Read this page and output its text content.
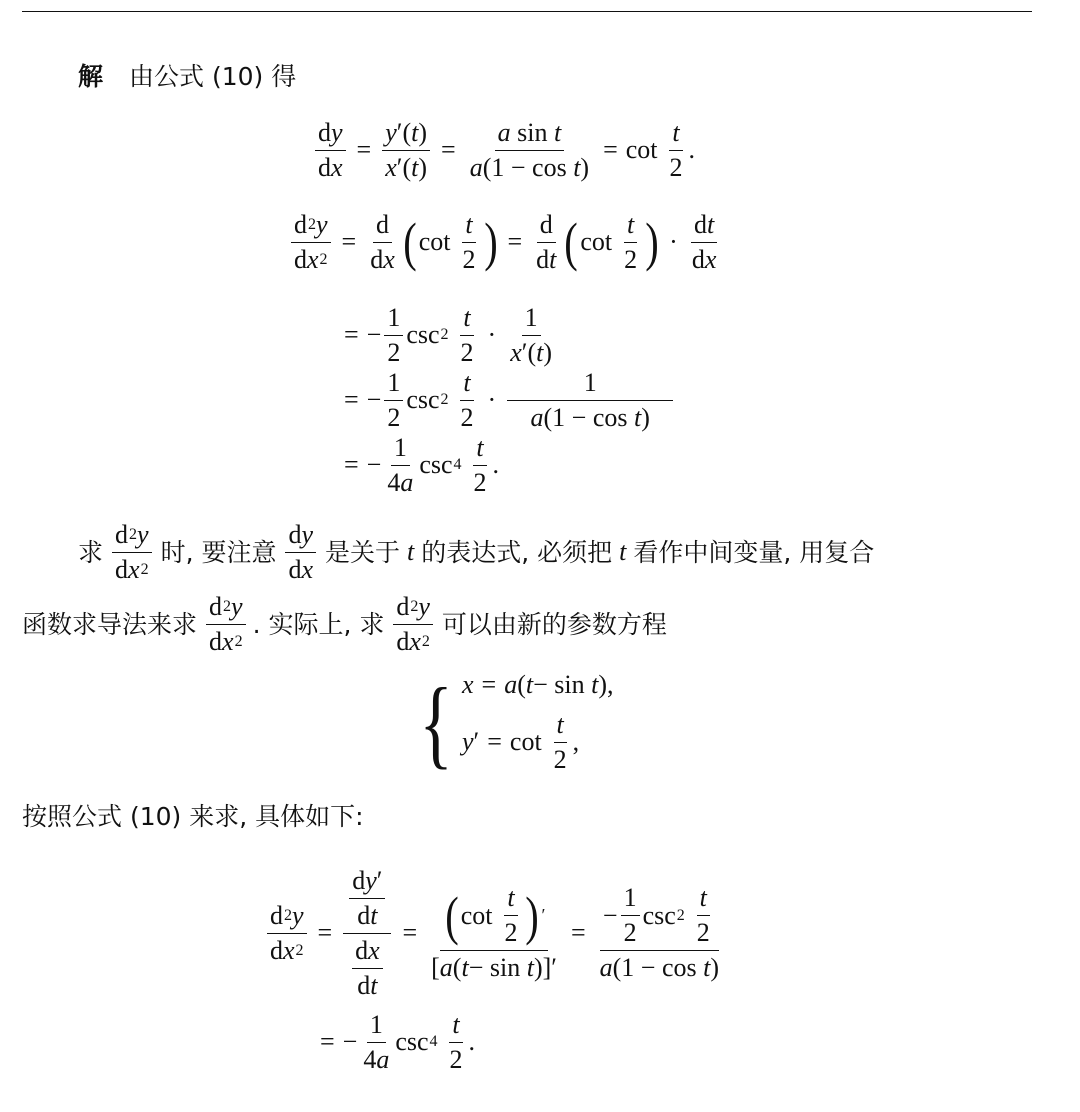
解 由公式 (10) 得
$\frac{\text{d y}}{\text{d x}} = \frac{y '( t )}{x '( t )} = \frac{\text{a sin t}}{\text{a (1 − cos t )}} = \cot \frac{t}{2}$ .
$\frac{d 2 y}{\text{d x 2}} = \frac{d}{\text{d x}}$ ( $\cot \frac{t}{2}$ ) = $\frac{d}{\text{d t}}$ ( $\cot \frac{t}{2}$ ) · $\frac{\text{d t}}{\text{d x}}$
= − $\frac{1}{2}$ $\csc 2 \frac{t}{2} \cdot \frac{1}{x '( t )}$
= − $\frac{1}{2}$ $\csc 2 \frac{t}{2} \cdot \frac{1}{\text{a (1 − cos t )}}$
= − $\frac{1}{4 a}$ $\csc 4 \frac{t}{2}$ .
求 $\frac{d 2 y}{\text{d x 2}}$ 时, 要注意 $\frac{\text{d y}}{\text{d x}}$ 是关于 t 的表达式, 必须把 t 看作中间变量, 用复合
函数求导法来求 $\frac{d 2 y}{\text{d x 2}}$ . 实际上, 求 $\frac{d 2 y}{\text{d x 2}}$ 可以由新的参数方程
{ x = a ( t − sin t ),
y ′ = $\cot \frac{t}{2}$ ,
按照公式 (10) 来求, 具体如下:
$\frac{d 2 y}{\text{d x 2}} = \frac{\frac{\text{d y ′}}{\text{d t}}}{\frac{\text{d x}}{\text{d t}}} = \frac{( \cot \frac{t}{2} ) '}{\text{[ a ( t − sin t )]′}} = \frac{- \frac{1}{2} \csc 2 \frac{t}{2}}{\text{a (1 − cos t )}}$
= − $\frac{1}{4 a}$ $\csc 4 \frac{t}{2}$ .
